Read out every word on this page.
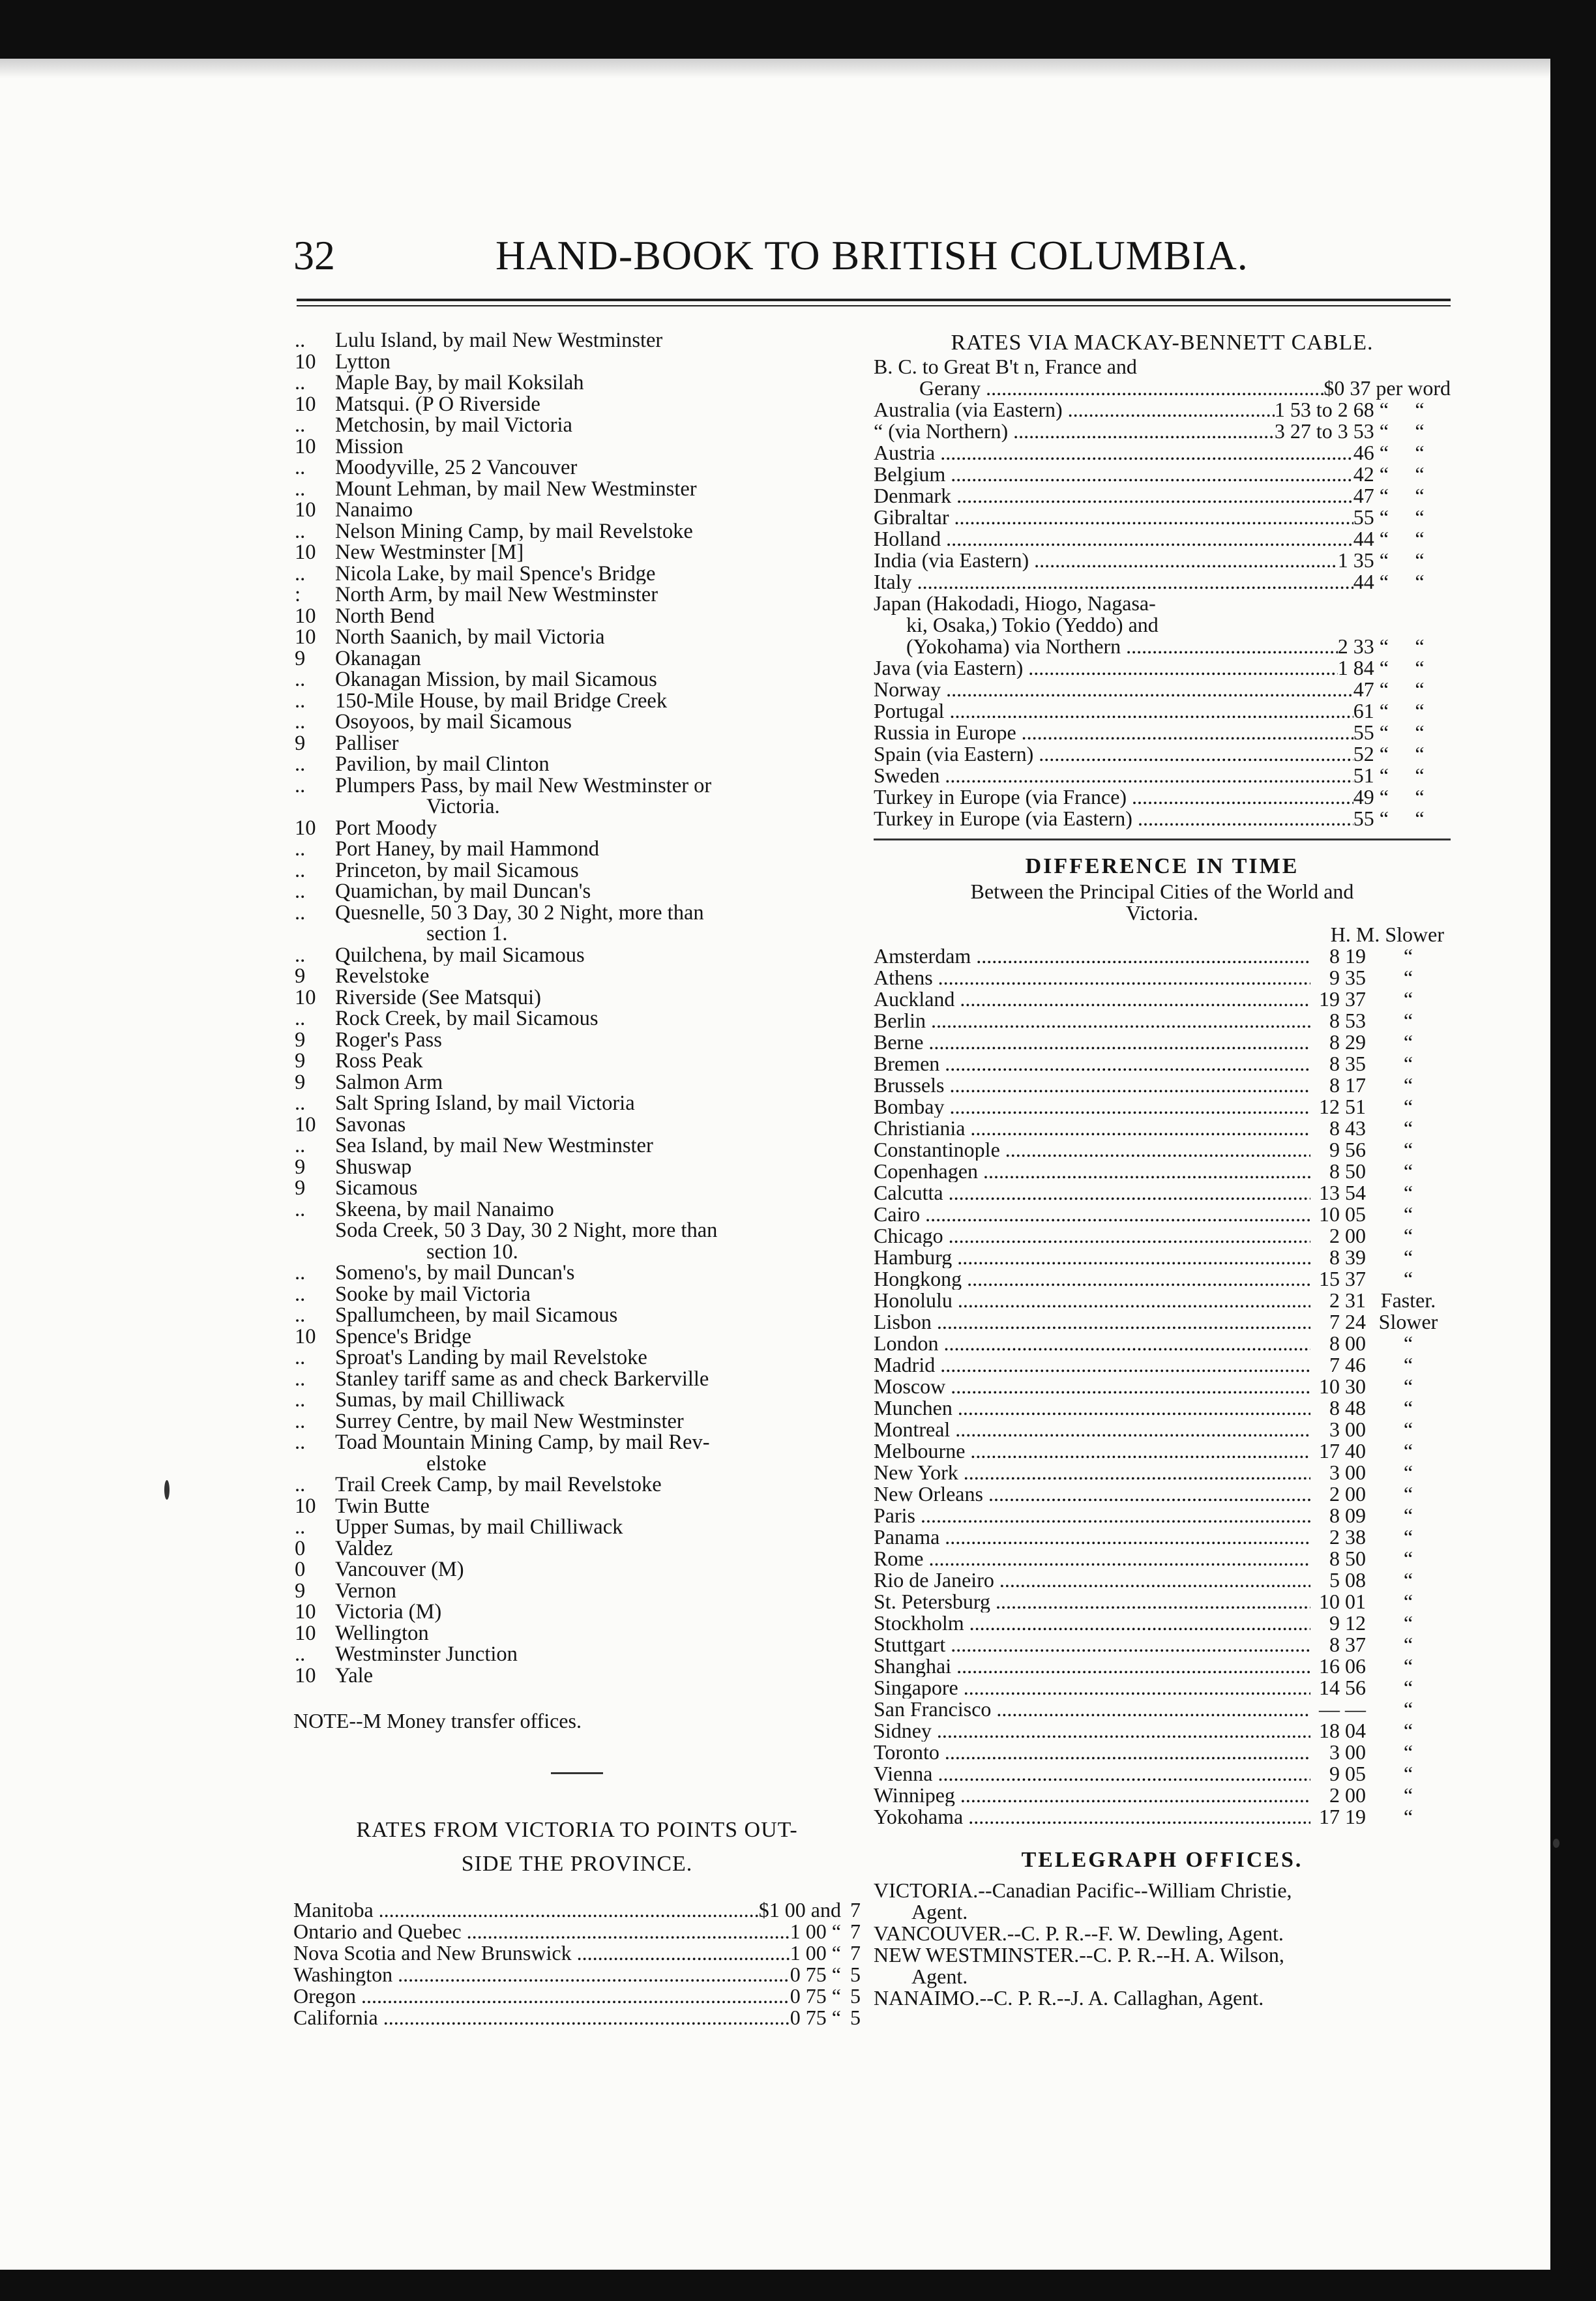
32	HAND-BOOK TO BRITISH COLUMBIA.
..	Lulu Island, by mail New Westminster
10 Lytton
..	Maple Bay, by mail Koksilah
10 Matsqui. (P O Riverside
..	Metchosin, by mail Victoria
10 Mission
..	Moodyville, 25 2 Vancouver
..	Mount Lehman, by mail New Westminster
10 Nanaimo
..	Nelson Mining Camp, by mail Revelstoke
10 New Westminster [M]
..	Nicola Lake, by mail Spence's Bridge
:	North Arm, by mail New Westminster
10 North Bend
10 North Saanich, by mail Victoria
9	Okanagan
..	Okanagan Mission, by mail Sicamous
..	150-Mile House, by mail Bridge Creek
..	Osoyoos, by mail Sicamous
9	Palliser
..	Pavilion, by mail Clinton
..	Plumpers Pass, by mail New Westminster or
Victoria.
10 Port Moody
..	Port Haney, by mail Hammond
..	Princeton, by mail Sicamous
..	Quamichan, by mail Duncan's
..	Quesnelle, 50 3 Day, 30 2 Night, more than
section 1.
..	Quilchena, by mail Sicamous
9	Revelstoke
10 Riverside (See Matsqui)
..	Rock Creek, by mail Sicamous
9	Roger's Pass
9	Ross Peak
9	Salmon Arm
..	Salt Spring Island, by mail Victoria
10 Savonas
..	Sea Island, by mail New Westminster
9	Shuswap
9	Sicamous
..	Skeena, by mail Nanaimo
Soda Creek, 50 3 Day, 30 2 Night, more than
section 10.
..	Someno's, by mail Duncan's
..	Sooke by mail Victoria
..	Spallumcheen, by mail Sicamous
10 Spence's Bridge
..	Sproat's Landing by mail Revelstoke
..	Stanley tariff same as and check Barkerville
..	Sumas, by mail Chilliwack
..	Surrey Centre, by mail New Westminster
..	Toad Mountain Mining Camp, by mail Rev-
elstoke
..	Trail Creek Camp, by mail Revelstoke
10 Twin Butte
..	Upper Sumas, by mail Chilliwack
0	Valdez
0	Vancouver (M)
9	Vernon
10 Victoria (M)
10 Wellington
..	Westminster Junction
10 Yale
NOTE--M Money transfer offices.
RATES FROM VICTORIA TO POINTS OUT-
SIDE THE PROVINCE.
Manitoba .....	$1 00 and 7
Ontario and Quebec .....	1 00 “ 7
Nova Scotia and New Brunswick .....	1 00 “ 7
Washington .....	0 75 “ 5
Oregon .....	0 75 “ 5
California .....	0 75 “ 5
RATES VIA MACKAY-BENNETT CABLE.
B. C. to Great B't n, France and
Gerany .....	$0 37 per word
Australia (via Eastern) .....	1 53 to 2 68 “	“
“ (via Northern) .....	3 27 to 3 53 “	“
Austria .....	46 “	“
Belgium .....	42 “	“
Denmark .....	47 “	“
Gibraltar .....	55 “	“
Holland .....	44 “	“
India (via Eastern) .....	1 35 “	“
Italy .....	44 “	“
Japan (Hakodadi, Hiogo, Nagasa-
ki, Osaka,) Tokio (Yeddo) and
(Yokohama) via Northern .....	2 33 “	“
Java (via Eastern) .....	1 84 “	“
Norway .....	47 “	“
Portugal .....	61 “	“
Russia in Europe .....	55 “	“
Spain (via Eastern) .....	52 “	“
Sweden .....	51 “	“
Turkey in Europe (via France) .....	49 “	“
Turkey in Europe (via Eastern) .....	55 “	“
DIFFERENCE IN TIME
Between the Principal Cities of the World and
Victoria.
H. M. Slower
Amsterdam .....	8 19	“
Athens .....	9 35	“
Auckland .....	19 37	“
Berlin .....	8 53	“
Berne .....	8 29	“
Bremen .....	8 35	“
Brussels .....	8 17	“
Bombay .....	12 51	“
Christiania .....	8 43	“
Constantinople .....	9 56	“
Copenhagen .....	8 50	“
Calcutta .....	13 54	“
Cairo .....	10 05	“
Chicago .....	2 00	“
Hamburg .....	8 39	“
Hongkong .....	15 37	“
Honolulu .....	2 31 Faster.
Lisbon .....	7 24 Slower
London .....	8 00	“
Madrid .....	7 46	“
Moscow .....	10 30	“
Munchen .....	8 48	“
Montreal .....	3 00	“
Melbourne .....	17 40	“
New York .....	3 00	“
New Orleans .....	2 00	“
Paris .....	8 09	“
Panama .....	2 38	“
Rome .....	8 50	“
Rio de Janeiro .....	5 08	“
St. Petersburg .....	10 01	“
Stockholm .....	9 12	“
Stuttgart .....	8 37	“
Shanghai .....	16 06	“
Singapore .....	14 56	“
San Francisco .....	— —	“
Sidney .....	18 04	“
Toronto .....	3 00	“
Vienna .....	9 05	“
Winnipeg .....	2 00	“
Yokohama .....	17 19	“
TELEGRAPH OFFICES.
VICTORIA.--Canadian Pacific--William Christie,
Agent.
VANCOUVER.--C. P. R.--F. W. Dewling, Agent.
NEW WESTMINSTER.--C. P. R.--H. A. Wilson,
Agent.
NANAIMO.--C. P. R.--J. A. Callaghan, Agent.
